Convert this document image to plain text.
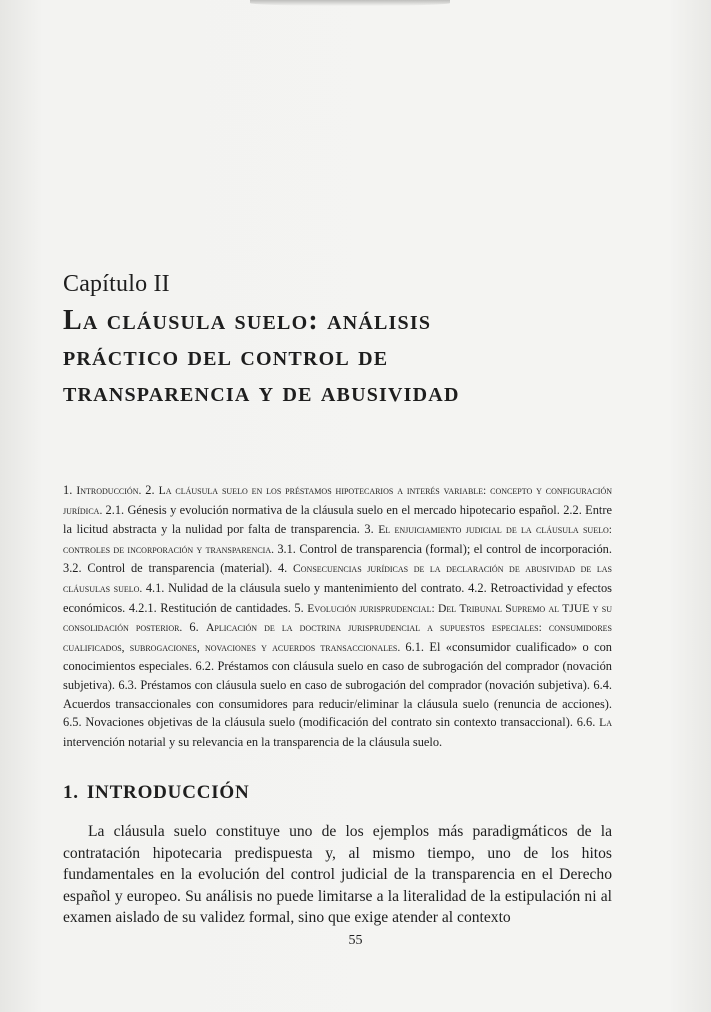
Capítulo II
La cláusula suelo: análisis
práctico del control de
transparencia y de abusividad

1. Introducción. 2. La cláusula suelo en los préstamos hipotecarios a interés variable: concepto y configuración jurídica. 2.1. Génesis y evolución normativa de la cláusula suelo en el mercado hipotecario español. 2.2. Entre la licitud abstracta y la nulidad por falta de transparencia. 3. El enjuiciamiento judicial de la cláusula suelo: controles de incorporación y transparencia. 3.1. Control de transparencia (formal); el control de incorporación. 3.2. Control de transparencia (material). 4. Consecuencias jurídicas de la declaración de abusividad de las cláusulas suelo. 4.1. Nulidad de la cláusula suelo y mantenimiento del contrato. 4.2. Retroactividad y efectos económicos. 4.2.1. Restitución de cantidades. 5. Evolución jurisprudencial: Del Tribunal Supremo al TJUE y su consolidación posterior. 6. Aplicación de la doctrina jurisprudencial a supuestos especiales: consumidores cualificados, subrogaciones, novaciones y acuerdos transaccionales. 6.1. El «consumidor cualificado» o con conocimientos especiales. 6.2. Préstamos con cláusula suelo en caso de subrogación del comprador (novación subjetiva). 6.3. Préstamos con cláusula suelo en caso de subrogación del comprador (novación subjetiva). 6.4. Acuerdos transaccionales con consumidores para reducir/eliminar la cláusula suelo (renuncia de acciones). 6.5. Novaciones objetivas de la cláusula suelo (modificación del contrato sin contexto transaccional). 6.6. La intervención notarial y su relevancia en la transparencia de la cláusula suelo.

1. INTRODUCCIÓN

La cláusula suelo constituye uno de los ejemplos más paradigmáticos de la contratación hipotecaria predispuesta y, al mismo tiempo, uno de los hitos fundamentales en la evolución del control judicial de la transparencia en el Derecho español y europeo. Su análisis no puede limitarse a la literalidad de la estipulación ni al examen aislado de su validez formal, sino que exige atender al contexto

55
